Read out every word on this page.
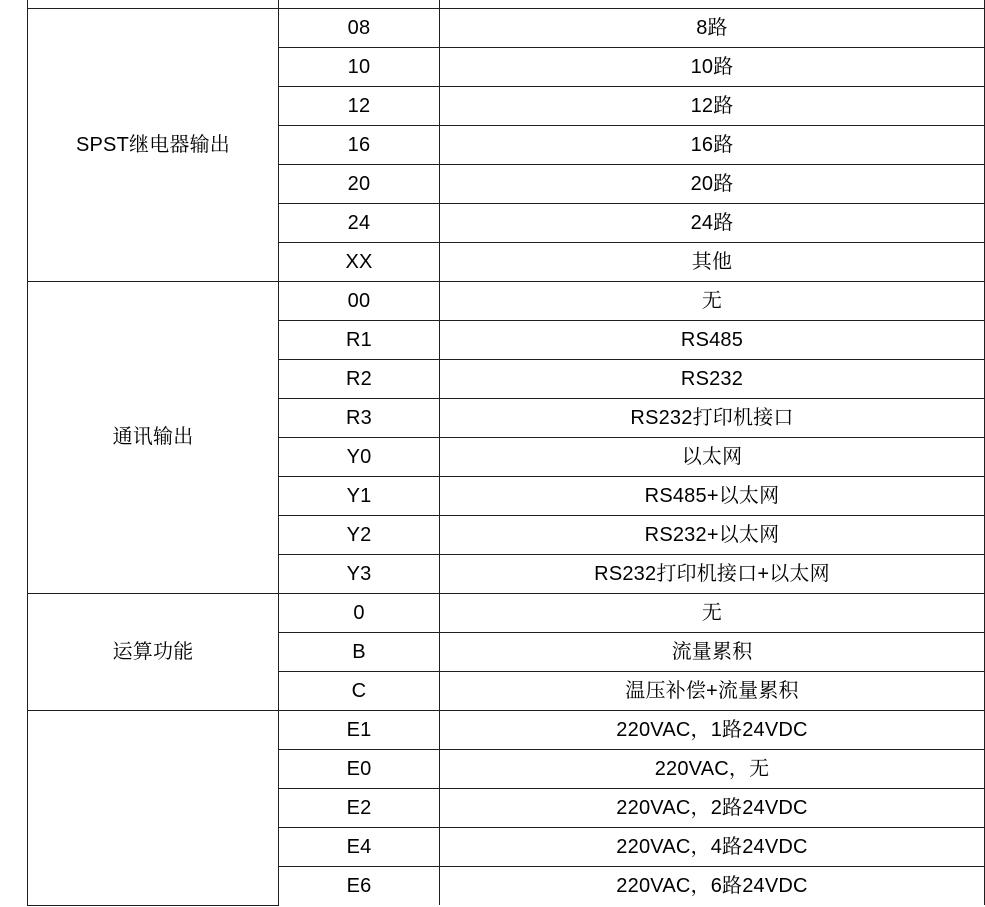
SPST继电器输出	08	8路
	10	10路
	12	12路
	16	16路
	20	20路
	24	24路
	XX	其他
通讯输出	00	无
	R1	RS485
	R2	RS232
	R3	RS232打印机接口
	Y0	以太网
	Y1	RS485+以太网
	Y2	RS232+以太网
	Y3	RS232打印机接口+以太网
运算功能	0	无
	B	流量累积
	C	温压补偿+流量累积
	E1	220VAC，1路24VDC
	E0	220VAC，无
	E2	220VAC，2路24VDC
	E4	220VAC，4路24VDC
	E6	220VAC，6路24VDC
